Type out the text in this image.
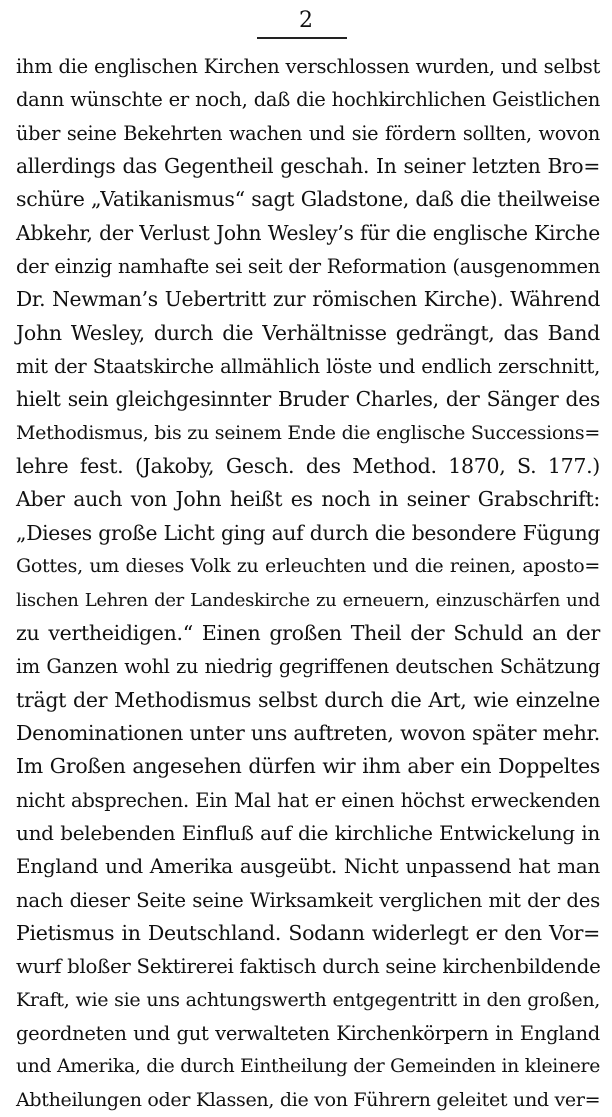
2
ihm die englischen Kirchen verschlossen wurden, und selbst
dann wünschte er noch, daß die hochkirchlichen Geistlichen
über seine Bekehrten wachen und sie fördern sollten, wovon
allerdings das Gegentheil geschah. In seiner letzten Bro=
schüre „Vatikanismus“ sagt Gladstone, daß die theilweise
Abkehr, der Verlust John Wesley’s für die englische Kirche
der einzig namhafte sei seit der Reformation (ausgenommen
Dr. Newman’s Uebertritt zur römischen Kirche). Während
John Wesley, durch die Verhältnisse gedrängt, das Band
mit der Staatskirche allmählich löste und endlich zerschnitt,
hielt sein gleichgesinnter Bruder Charles, der Sänger des
Methodismus, bis zu seinem Ende die englische Successions=
lehre fest. (Jakoby, Gesch. des Method. 1870, S. 177.)
Aber auch von John heißt es noch in seiner Grabschrift:
„Dieses große Licht ging auf durch die besondere Fügung
Gottes, um dieses Volk zu erleuchten und die reinen, aposto=
lischen Lehren der Landeskirche zu erneuern, einzuschärfen und
zu vertheidigen.“ Einen großen Theil der Schuld an der
im Ganzen wohl zu niedrig gegriffenen deutschen Schätzung
trägt der Methodismus selbst durch die Art, wie einzelne
Denominationen unter uns auftreten, wovon später mehr.
Im Großen angesehen dürfen wir ihm aber ein Doppeltes
nicht absprechen. Ein Mal hat er einen höchst erweckenden
und belebenden Einfluß auf die kirchliche Entwickelung in
England und Amerika ausgeübt. Nicht unpassend hat man
nach dieser Seite seine Wirksamkeit verglichen mit der des
Pietismus in Deutschland. Sodann widerlegt er den Vor=
wurf bloßer Sektirerei faktisch durch seine kirchenbildende
Kraft, wie sie uns achtungswerth entgegentritt in den großen,
geordneten und gut verwalteten Kirchenkörpern in England
und Amerika, die durch Eintheilung der Gemeinden in kleinere
Abtheilungen oder Klassen, die von Führern geleitet und ver=
